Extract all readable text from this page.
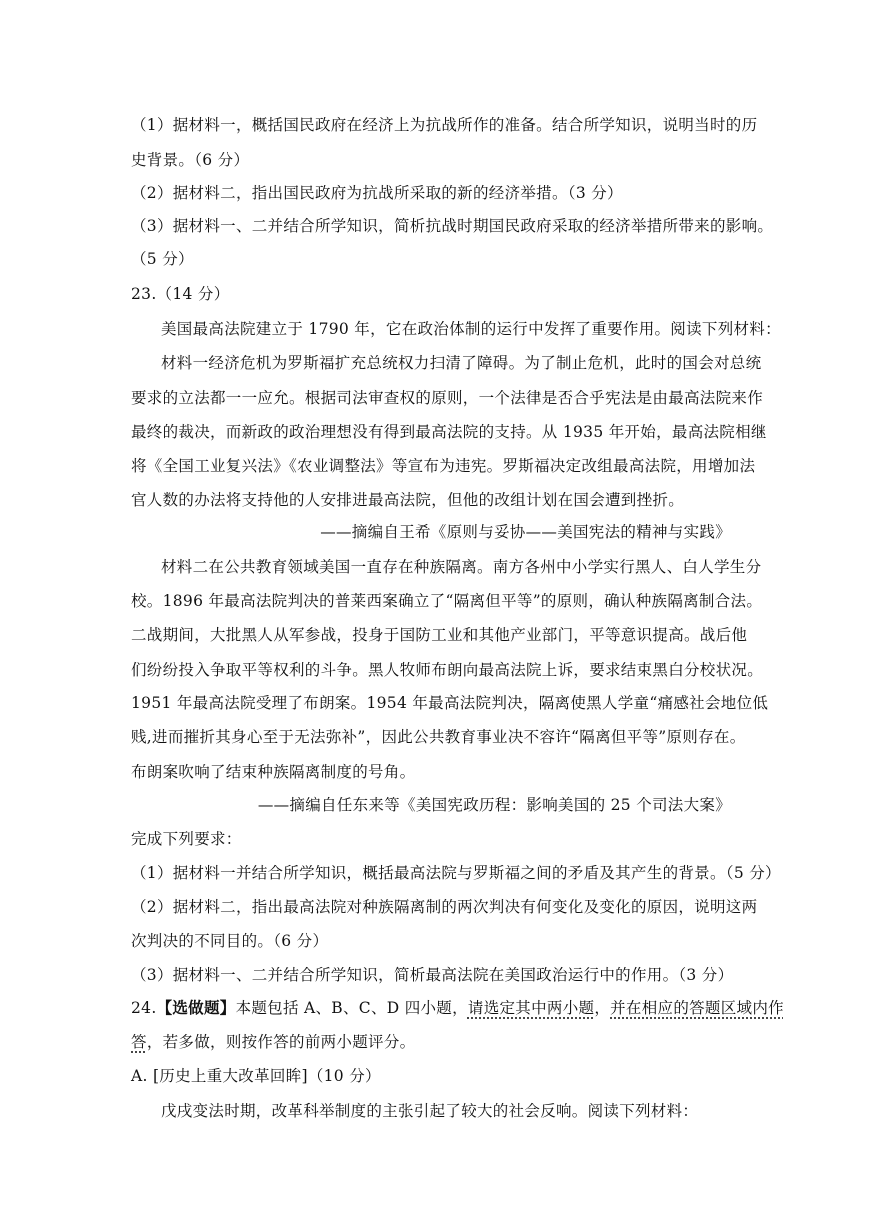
（1）据材料一，概括国民政府在经济上为抗战所作的准备。结合所学知识，说明当时的历
史背景。（6 分）
（2）据材料二，指出国民政府为抗战所采取的新的经济举措。（3 分）
（3）据材料一、二并结合所学知识，简析抗战时期国民政府采取的经济举措所带来的影响。
（5 分）
23.（14 分）
美国最高法院建立于 1790 年，它在政治体制的运行中发挥了重要作用。阅读下列材料：
材料一经济危机为罗斯福扩充总统权力扫清了障碍。为了制止危机，此时的国会对总统
要求的立法都一一应允。根据司法审查权的原则，一个法律是否合乎宪法是由最高法院来作
最终的裁决，而新政的政治理想没有得到最高法院的支持。从 1935 年开始，最高法院相继
将《全国工业复兴法》《农业调整法》等宣布为违宪。罗斯福决定改组最高法院，用增加法
官人数的办法将支持他的人安排进最高法院，但他的改组计划在国会遭到挫折。
——摘编自王希《原则与妥协——美国宪法的精神与实践》
材料二在公共教育领域美国一直存在种族隔离。南方各州中小学实行黑人、白人学生分
校。1896 年最高法院判决的普莱西案确立了“隔离但平等”的原则，确认种族隔离制合法。
二战期间，大批黑人从军参战，投身于国防工业和其他产业部门，平等意识提高。战后他
们纷纷投入争取平等权利的斗争。黑人牧师布朗向最高法院上诉，要求结束黑白分校状况。
1951 年最高法院受理了布朗案。1954 年最高法院判决，隔离使黑人学童“痛感社会地位低
贱,进而摧折其身心至于无法弥补”，因此公共教育事业决不容许“隔离但平等”原则存在。
布朗案吹响了结束种族隔离制度的号角。
——摘编自任东来等《美国宪政历程：影响美国的 25 个司法大案》
完成下列要求：
（1）据材料一并结合所学知识，概括最高法院与罗斯福之间的矛盾及其产生的背景。（5 分）
（2）据材料二，指出最高法院对种族隔离制的两次判决有何变化及变化的原因，说明这两
次判决的不同目的。（6 分）
（3）据材料一、二并结合所学知识，简析最高法院在美国政治运行中的作用。（3 分）
24.【选做题】本题包括 A、B、C、D 四小题，请选定其中两小题，并在相应的答题区域内作
答，若多做，则按作答的前两小题评分。
A. [历史上重大改革回眸]（10 分）
戊戌变法时期，改革科举制度的主张引起了较大的社会反响。阅读下列材料：
